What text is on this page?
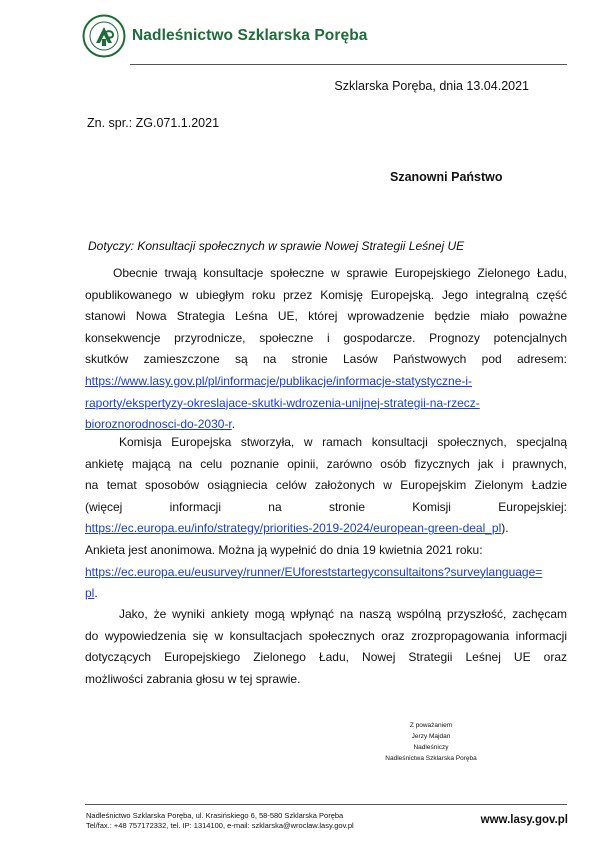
Nadleśnictwo Szklarska Poręba
Szklarska Poręba, dnia 13.04.2021
Zn. spr.: ZG.071.1.2021
Szanowni Państwo
Dotyczy: Konsultacji społecznych w sprawie Nowej Strategii Leśnej UE
Obecnie trwają konsultacje społeczne w sprawie Europejskiego Zielonego Ładu,
opublikowanego w ubiegłym roku przez Komisję Europejską. Jego integralną część
stanowi Nowa Strategia Leśna UE, której wprowadzenie będzie miało poważne
konsekwencje przyrodnicze, społeczne i gospodarcze. Prognozy potencjalnych
skutków zamieszczone są na stronie Lasów Państwowych pod adresem:
https://www.lasy.gov.pl/pl/informacje/publikacje/informacje-statystyczne-i-
raporty/ekspertyzy-okreslajace-skutki-wdrozenia-unijnej-strategii-na-rzecz-
bioroznorodnosci-do-2030-r.
Komisja Europejska stworzyła, w ramach konsultacji społecznych, specjalną
ankietę mającą na celu poznanie opinii, zarówno osób fizycznych jak i prawnych,
na temat sposobów osiągniecia celów założonych w Europejskim Zielonym Ładzie
(więcej informacji na stronie Komisji Europejskiej:
https://ec.europa.eu/info/strategy/priorities-2019-2024/european-green-deal_pl).
Ankieta jest anonimowa. Można ją wypełnić do dnia 19 kwietnia 2021 roku:
https://ec.europa.eu/eusurvey/runner/EUforeststartegyconsultaitons?surveylanguage=
pl.
Jako, że wyniki ankiety mogą wpłynąć na naszą wspólną przyszłość, zachęcam
do wypowiedzenia się w konsultacjach społecznych oraz zrozpropagowania informacji
dotyczących Europejskiego Zielonego Ładu, Nowej Strategii Leśnej UE oraz
możliwości zabrania głosu w tej sprawie.
Z poważaniem
Jerzy Majdan
Nadleśniczy
Nadleśnictwa Szklarska Poręba
Nadleśnictwo Szklarska Poręba, ul. Krasińskiego 6, 58-580 Szklarska Poręba
Tel/fax.: +48 757172332, tel. IP: 1314100, e-mail: szklarska@wroclaw.lasy.gov.pl	www.lasy.gov.pl
